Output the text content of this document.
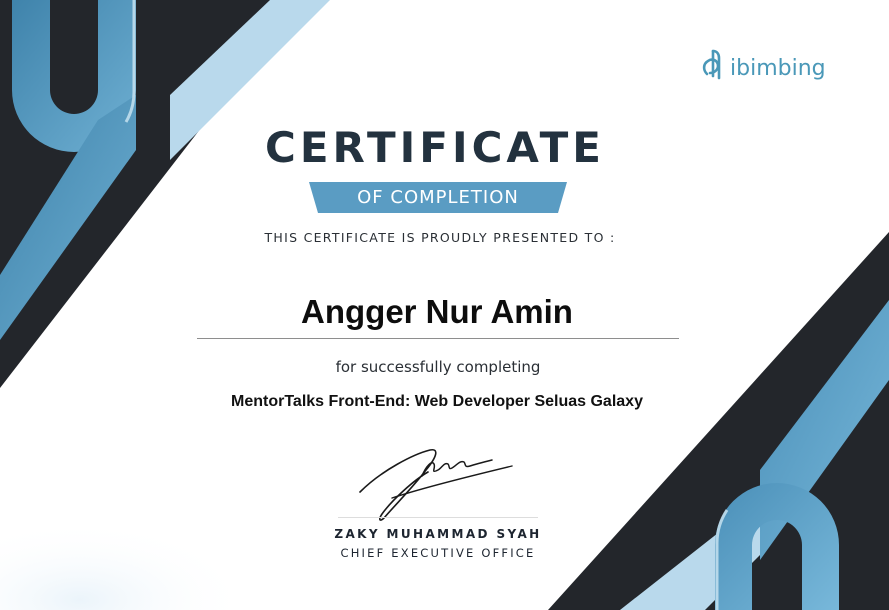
ibimbing
CERTIFICATE
OF COMPLETION
THIS CERTIFICATE IS PROUDLY PRESENTED TO :
Angger Nur Amin
for successfully completing
MentorTalks Front-End: Web Developer Seluas Galaxy
ZAKY MUHAMMAD SYAH
CHIEF EXECUTIVE OFFICE
